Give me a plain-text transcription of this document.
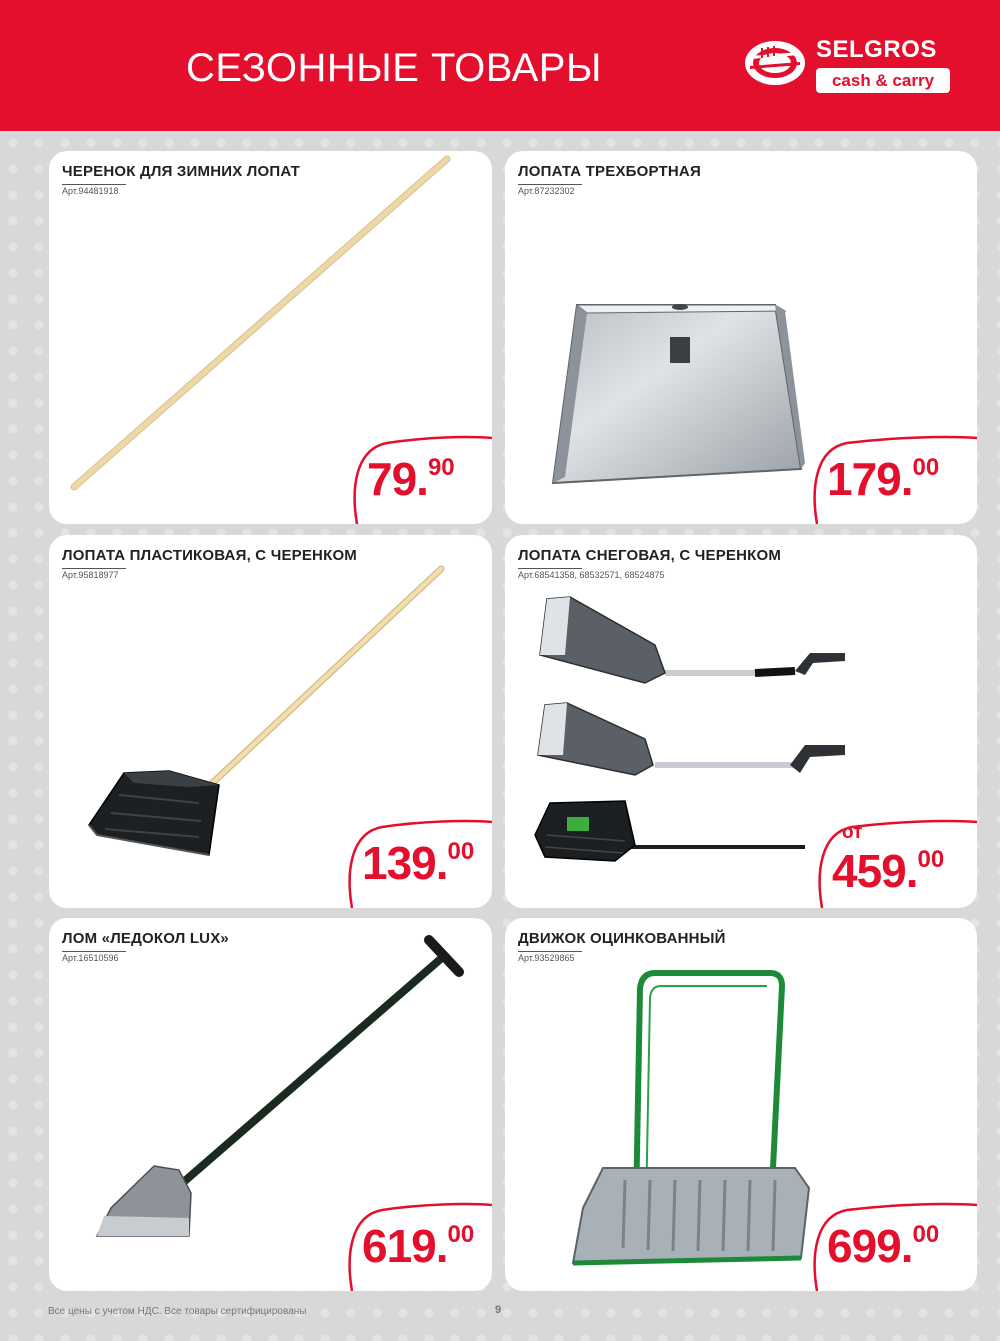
СЕЗОННЫЕ ТОВАРЫ	SELGROS
cash & carry
ЧЕРЕНОК ДЛЯ ЗИМНИХ ЛОПАТ
Арт.94481918
79.90
ЛОПАТА ТРЕХБОРТНАЯ
Арт.87232302
179.00
ЛОПАТА ПЛАСТИКОВАЯ, С ЧЕРЕНКОМ
Арт.95818977
139.00
ЛОПАТА СНЕГОВАЯ, С ЧЕРЕНКОМ
Арт.68541358, 68532571, 68524875
от
459.00
ЛОМ «ЛЕДОКОЛ LUX»
Арт.16510596
619.00
ДВИЖОК ОЦИНКОВАННЫЙ
Арт.93529865
699.00
Все цены с учетом НДС. Все товары сертифицированы	9
